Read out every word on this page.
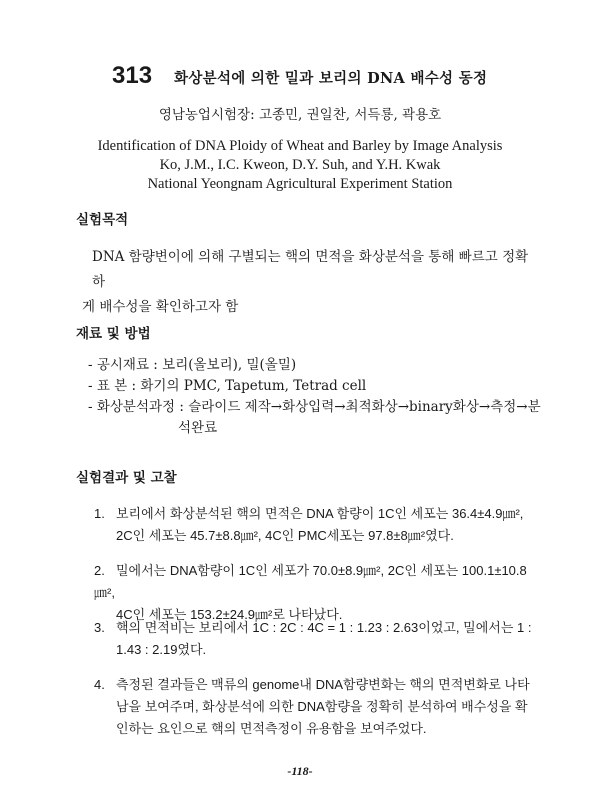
313 화상분석에 의한 밀과 보리의 DNA 배수성 동정
영남농업시험장: 고종민, 권일찬, 서득룡, 곽용호
Identification of DNA Ploidy of Wheat and Barley by Image Analysis
Ko, J.M., I.C. Kweon, D.Y. Suh, and Y.H. Kwak
National Yeongnam Agricultural Experiment Station
실험목적
DNA 함량변이에 의해 구별되는 핵의 면적을 화상분석을 통해 빠르고 정확하
게 배수성을 확인하고자 함
재료 및 방법
- 공시재료 : 보리(올보리), 밀(올밀)
- 표 본 : 화기의 PMC, Tapetum, Tetrad cell
- 화상분석과정 : 슬라이드 제작→화상입력→최적화상→binary화상→측정→분
석완료
실험결과 및 고찰
1. 보리에서 화상분석된 핵의 면적은 DNA 함량이 1C인 세포는 36.4±4.9㎛²,
2C인 세포는 45.7±8.8㎛², 4C인 PMC세포는 97.8±8㎛²였다.
2. 밀에서는 DNA함량이 1C인 세포가 70.0±8.9㎛², 2C인 세포는 100.1±10.8㎛²,
4C인 세포는 153.2±24.9㎛²로 나타났다.
3. 핵의 면적비는 보리에서 1C : 2C : 4C = 1 : 1.23 : 2.63이었고, 밀에서는 1 :
1.43 : 2.19였다.
4. 측정된 결과들은 맥류의 genome내 DNA함량변화는 핵의 면적변화로 나타
남을 보여주며, 화상분석에 의한 DNA함량을 정확히 분석하여 배수성을 확
인하는 요인으로 핵의 면적측정이 유용함을 보여주었다.
-118-
